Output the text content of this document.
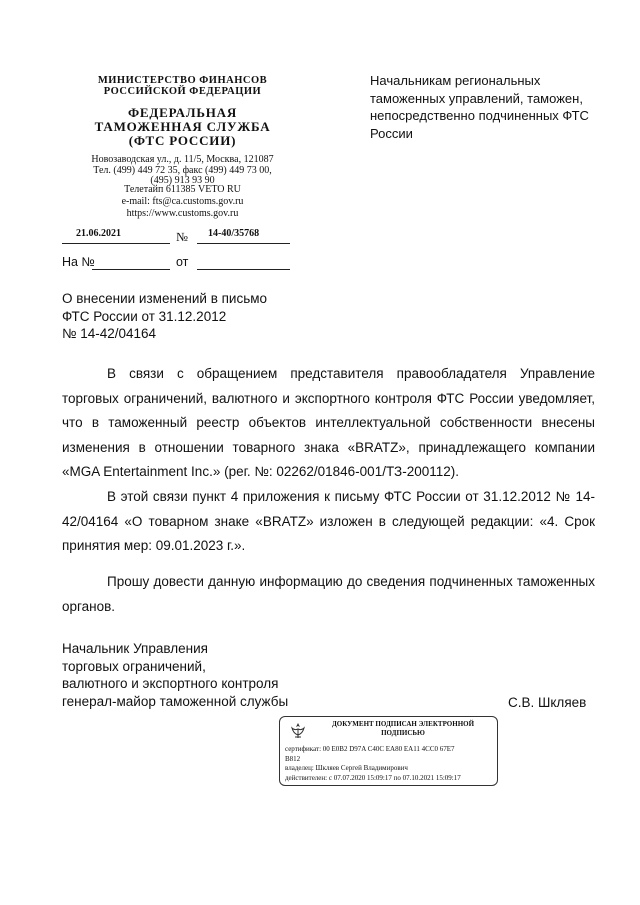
МИНИСТЕРСТВО ФИНАНСОВ
РОССИЙСКОЙ ФЕДЕРАЦИИ
ФЕДЕРАЛЬНАЯ
ТАМОЖЕННАЯ СЛУЖБА
(ФТС РОССИИ)
Новозаводская ул., д. 11/5, Москва, 121087
Тел. (499) 449 72 35, факс (499) 449 73 00,
(495) 913 93 90
Телетайп 611385 VETO RU
e-mail: fts@ca.customs.gov.ru
https://www.customs.gov.ru
21.06.2021	№ 14-40/35768
На №	от
Начальникам региональных таможенных управлений, таможен, непосредственно подчиненных ФТС России
О внесении изменений в письмо
ФТС России от 31.12.2012
№ 14-42/04164

В связи с обращением представителя правообладателя Управление торговых ограничений, валютного и экспортного контроля ФТС России уведомляет, что в таможенный реестр объектов интеллектуальной собственности внесены изменения в отношении товарного знака «BRATZ», принадлежащего компании «MGA Entertainment Inc.» (рег. №: 02262/01846-001/ТЗ-200112).

В этой связи пункт 4 приложения к письму ФТС России от 31.12.2012 № 14-42/04164 «О товарном знаке «BRATZ» изложен в следующей редакции: «4. Срок принятия мер: 09.01.2023 г.».

Прошу довести данную информацию до сведения подчиненных таможенных органов.

Начальник Управления
торговых ограничений,
валютного и экспортного контроля
генерал-майор таможенной службы	С.В. Шкляев
ДОКУМЕНТ ПОДПИСАН ЭЛЕКТРОННОЙ
ПОДПИСЬЮ
сертификат: 00 E0B2 D97A C40C EA80 EA11 4CC0 67E7
B812
владелец: Шкляев Сергей Владимирович
действителен: с 07.07.2020 15:09:17 по 07.10.2021 15:09:17
